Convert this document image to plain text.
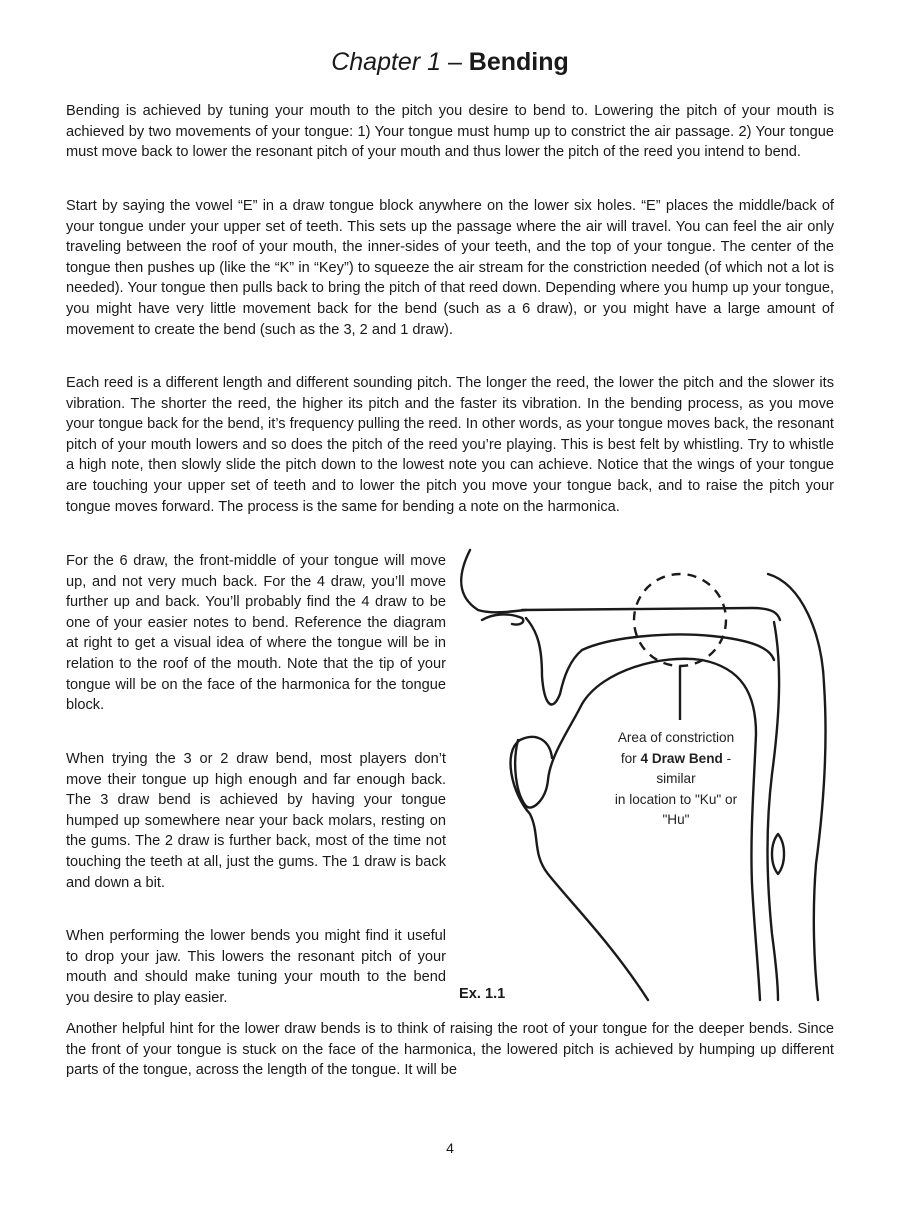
Chapter 1 – Bending

Bending is achieved by tuning your mouth to the pitch you desire to bend to. Lowering the pitch of your mouth is achieved by two movements of your tongue: 1) Your tongue must hump up to constrict the air passage. 2) Your tongue must move back to lower the resonant pitch of your mouth and thus lower the pitch of the reed you intend to bend.

Start by saying the vowel “E” in a draw tongue block anywhere on the lower six holes. “E” places the middle/back of your tongue under your upper set of teeth. This sets up the passage where the air will travel. You can feel the air only traveling between the roof of your mouth, the inner-sides of your teeth, and the top of your tongue. The center of the tongue then pushes up (like the “K” in “Key”) to squeeze the air stream for the constriction needed (of which not a lot is needed). Your tongue then pulls back to bring the pitch of that reed down. Depending where you hump up your tongue, you might have very little movement back for the bend (such as a 6 draw), or you might have a large amount of movement to create the bend (such as the 3, 2 and 1 draw).

Each reed is a different length and different sounding pitch. The longer the reed, the lower the pitch and the slower its vibration. The shorter the reed, the higher its pitch and the faster its vibration. In the bending process, as you move your tongue back for the bend, it’s frequency pulling the reed. In other words, as your tongue moves back, the resonant pitch of your mouth lowers and so does the pitch of the reed you’re playing. This is best felt by whistling. Try to whistle a high note, then slowly slide the pitch down to the lowest note you can achieve. Notice that the wings of your tongue are touching your upper set of teeth and to lower the pitch you move your tongue back, and to raise the pitch your tongue moves forward. The process is the same for bending a note on the harmonica.

For the 6 draw, the front-middle of your tongue will move up, and not very much back. For the 4 draw, you’ll move further up and back. You’ll probably find the 4 draw to be one of your easier notes to bend. Reference the diagram at right to get a visual idea of where the tongue will be in relation to the roof of the mouth. Note that the tip of your tongue will be on the face of the harmonica for the tongue block.

When trying the 3 or 2 draw bend, most players don’t move their tongue up high enough and far enough back. The 3 draw bend is achieved by having your tongue humped up somewhere near your back molars, resting on the gums. The 2 draw is further back, most of the time not touching the teeth at all, just the gums. The 1 draw is back and down a bit.

When performing the lower bends you might find it useful to drop your jaw. This lowers the resonant pitch of your mouth and should make tuning your mouth to the bend you desire to play easier.

Area of constriction
for 4 Draw Bend - similar
in location to "Ku" or "Hu"
Ex. 1.1

Another helpful hint for the lower draw bends is to think of raising the root of your tongue for the deeper bends. Since the front of your tongue is stuck on the face of the harmonica, the lowered pitch is achieved by humping up different parts of the tongue, across the length of the tongue. It will be

4
